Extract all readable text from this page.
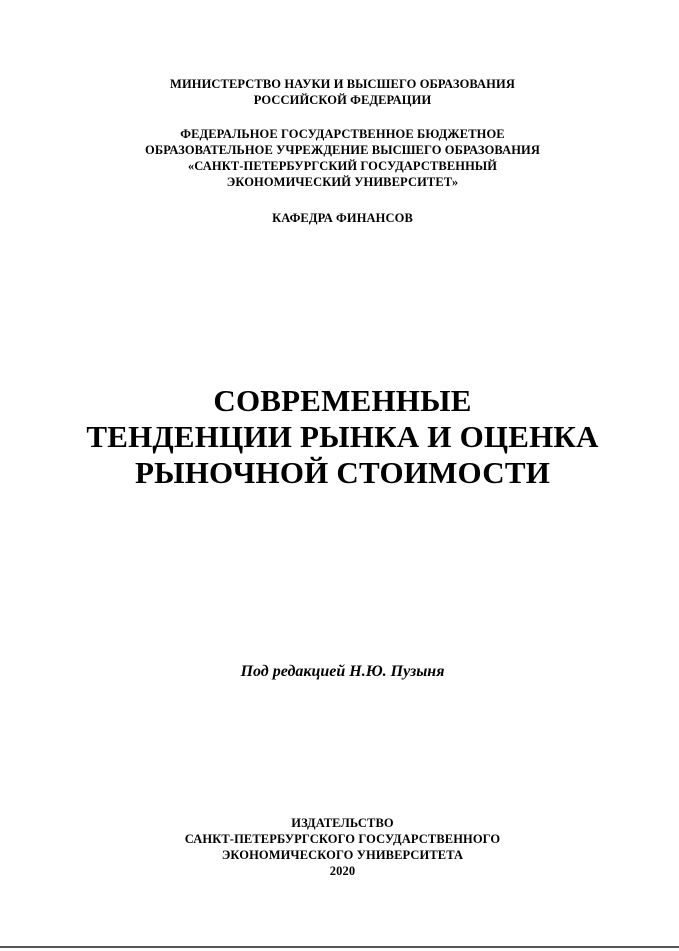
МИНИСТЕРСТВО НАУКИ И ВЫСШЕГО ОБРАЗОВАНИЯ
РОССИЙСКОЙ ФЕДЕРАЦИИ
ФЕДЕРАЛЬНОЕ ГОСУДАРСТВЕННОЕ БЮДЖЕТНОЕ
ОБРАЗОВАТЕЛЬНОЕ УЧРЕЖДЕНИЕ ВЫСШЕГО ОБРАЗОВАНИЯ
«САНКТ-ПЕТЕРБУРГСКИЙ ГОСУДАРСТВЕННЫЙ
ЭКОНОМИЧЕСКИЙ УНИВЕРСИТЕТ»
КАФЕДРА ФИНАНСОВ
СОВРЕМЕННЫЕ
ТЕНДЕНЦИИ РЫНКА И ОЦЕНКА
РЫНОЧНОЙ СТОИМОСТИ
Под редакцией Н.Ю. Пузыня
ИЗДАТЕЛЬСТВО
САНКТ-ПЕТЕРБУРГСКОГО ГОСУДАРСТВЕННОГО
ЭКОНОМИЧЕСКОГО УНИВЕРСИТЕТА
2020
